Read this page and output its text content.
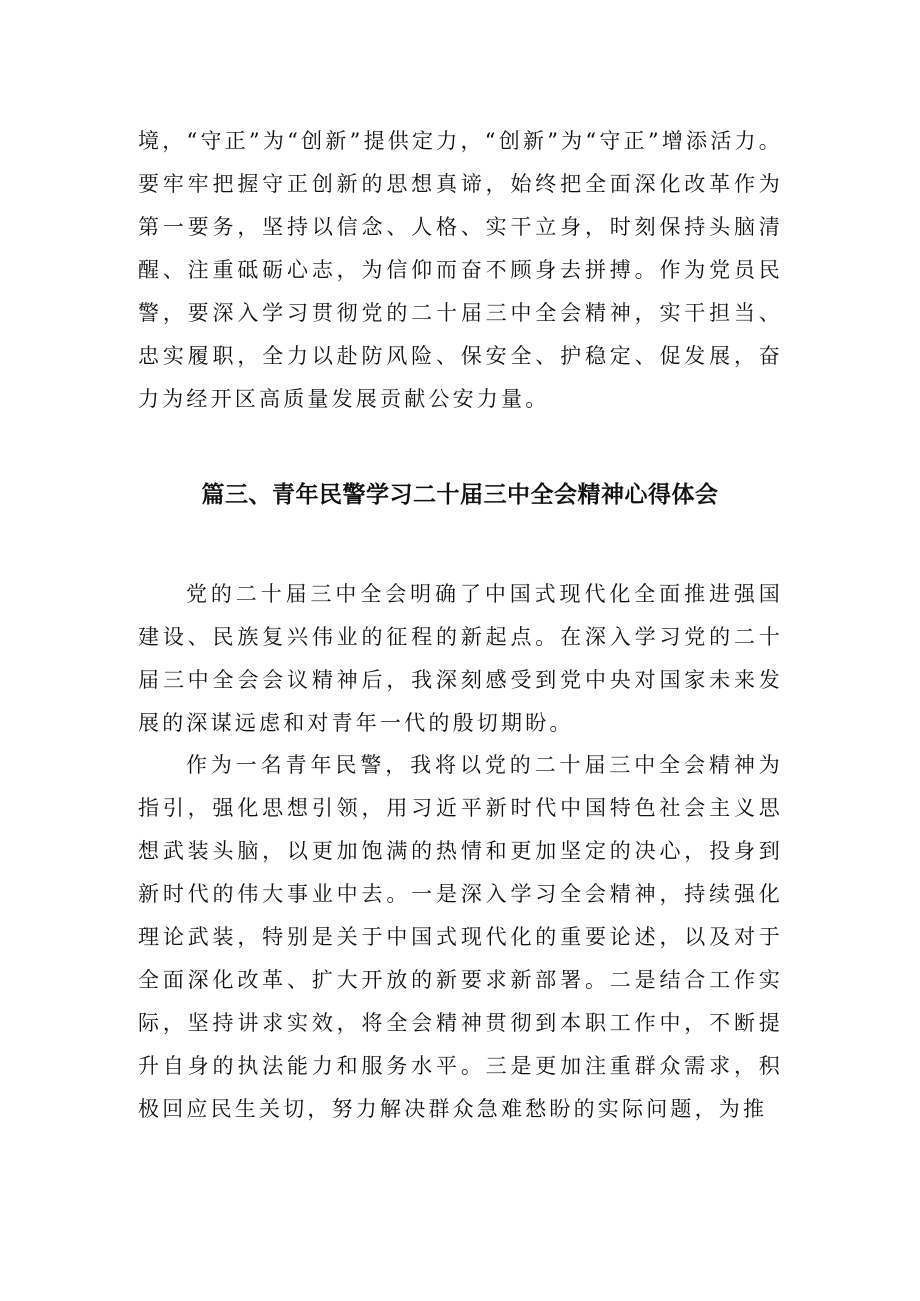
境，“守正”为“创新”提供定力，“创新”为“守正”增添活力。要牢牢把握守正创新的思想真谛，始终把全面深化改革作为第一要务，坚持以信念、人格、实干立身，时刻保持头脑清醒、注重砥砺心志，为信仰而奋不顾身去拼搏。作为党员民警，要深入学习贯彻党的二十届三中全会精神，实干担当、忠实履职，全力以赴防风险、保安全、护稳定、促发展，奋力为经开区高质量发展贡献公安力量。

篇三、青年民警学习二十届三中全会精神心得体会

党的二十届三中全会明确了中国式现代化全面推进强国建设、民族复兴伟业的征程的新起点。在深入学习党的二十届三中全会会议精神后，我深刻感受到党中央对国家未来发展的深谋远虑和对青年一代的殷切期盼。

作为一名青年民警，我将以党的二十届三中全会精神为指引，强化思想引领，用习近平新时代中国特色社会主义思想武装头脑，以更加饱满的热情和更加坚定的决心，投身到新时代的伟大事业中去。一是深入学习全会精神，持续强化理论武装，特别是关于中国式现代化的重要论述，以及对于全面深化改革、扩大开放的新要求新部署。二是结合工作实际，坚持讲求实效，将全会精神贯彻到本职工作中，不断提升自身的执法能力和服务水平。三是更加注重群众需求，积极回应民生关切，努力解决群众急难愁盼的实际问题，为推
